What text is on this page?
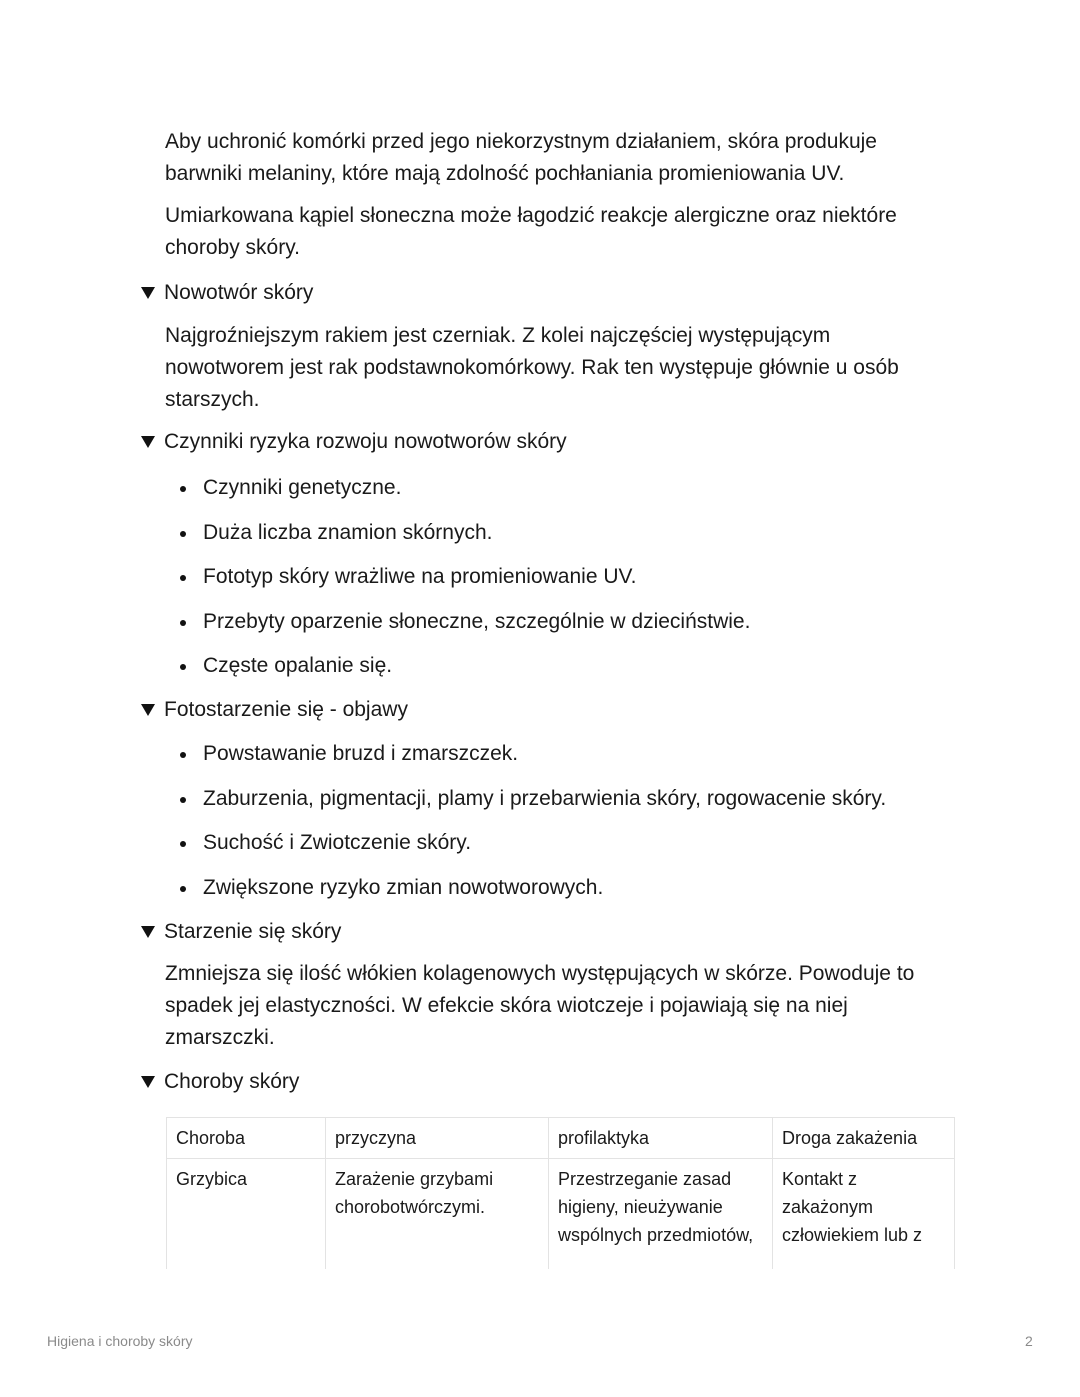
Aby uchronić komórki przed jego niekorzystnym działaniem, skóra produkuje barwniki melaniny, które mają zdolność pochłaniania promieniowania UV.

Umiarkowana kąpiel słoneczna może łagodzić reakcje alergiczne oraz niektóre choroby skóry.

Nowotwór skóry

Najgroźniejszym rakiem jest czerniak. Z kolei najczęściej występującym nowotworem jest rak podstawnokomórkowy. Rak ten występuje głównie u osób starszych.

Czynniki ryzyka rozwoju nowotworów skóry
Czynniki genetyczne.
Duża liczba znamion skórnych.
Fototyp skóry wrażliwe na promieniowanie UV.
Przebyty oparzenie słoneczne, szczególnie w dzieciństwie.
Częste opalanie się.
Fotostarzenie się - objawy
Powstawanie bruzd i zmarszczek.
Zaburzenia, pigmentacji, plamy i przebarwienia skóry, rogowacenie skóry.
Suchość i Zwiotczenie skóry.
Zwiększone ryzyko zmian nowotworowych.
Starzenie się skóry

Zmniejsza się ilość włókien kolagenowych występujących w skórze. Powoduje to spadek jej elastyczności. W efekcie skóra wiotczeje i pojawiają się na niej zmarszczki.

Choroby skóry
Choroba	przyczyna	profilaktyka	Droga zakażenia
Grzybica	Zarażenie grzybami chorobotwórczymi.	Przestrzeganie zasad higieny, nieużywanie wspólnych przedmiotów,	Kontakt z zakażonym człowiekiem lub z
Higiena i choroby skóry	2
